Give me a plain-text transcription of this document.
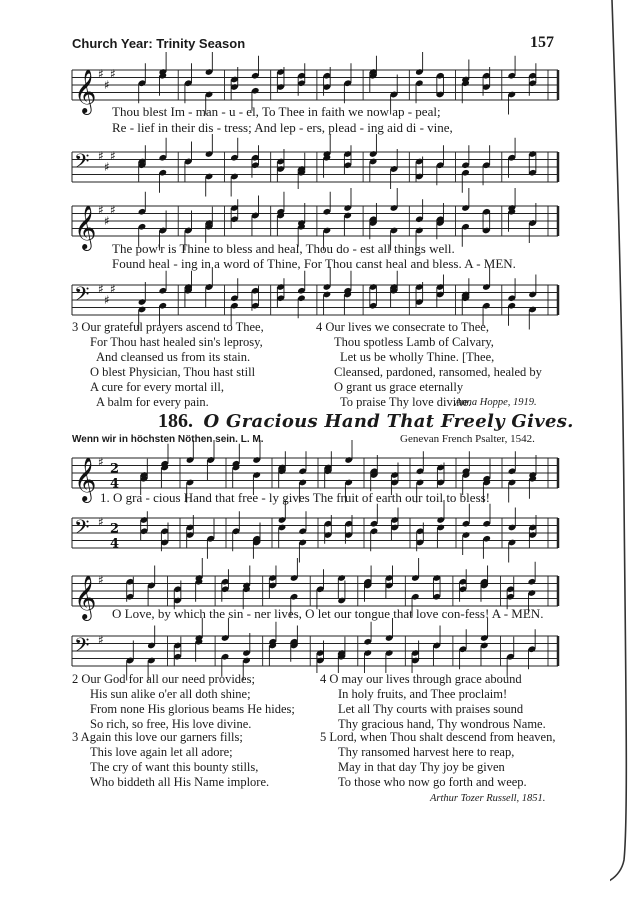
Church Year: Trinity Season	157
𝄞 ♯
♯
♯
Thou blest Im - man - u - el, To Thee in faith we now ap - peal;
Re - lief in their dis - tress; And lep - ers, plead - ing aid di - vine,
𝄢 ♯
♯
♯
𝄞 ♯
♯
♯
The pow'r is Thine to bless and heal, Thou do - est all things well.
Found heal - ing in a word of Thine, For Thou canst heal and bless. A - MEN.
𝄢 ♯
♯
♯
3 Our grateful prayers ascend to Thee,
For Thou hast healed sin's leprosy,
And cleansed us from its stain.
O blest Physician, Thou hast still
A cure for every mortal ill,
A balm for every pain.
4 Our lives we consecrate to Thee,
Thou spotless Lamb of Calvary,
Let us be wholly Thine. [Thee,
Cleansed, pardoned, ransomed, healed by
O grant us grace eternally
To praise Thy love divine.
Anna Hoppe, 1919.
186. O Gracious Hand That Freely Gives.
Wenn wir in höchsten Nöthen sein. L. M.	Genevan French Psalter, 1542.
𝄞 ♯ 2
4
1. O gra - cious Hand that free - ly gives The fruit of earth our toil to bless!
𝄢 ♯ 2
4
𝄞 ♯
O Love, by which the sin - ner lives, O let our tongue that love con-fess! A - MEN.
𝄢 ♯
2 Our God for all our need provides;
His sun alike o'er all doth shine;
From none His glorious beams He hides;
So rich, so free, His love divine.
3 Again this love our garners fills;
This love again let all adore;
The cry of want this bounty stills,
Who biddeth all His Name implore.
4 O may our lives through grace abound
In holy fruits, and Thee proclaim!
Let all Thy courts with praises sound
Thy gracious hand, Thy wondrous Name.
5 Lord, when Thou shalt descend from heaven,
Thy ransomed harvest here to reap,
May in that day Thy joy be given
To those who now go forth and weep.
Arthur Tozer Russell, 1851.
